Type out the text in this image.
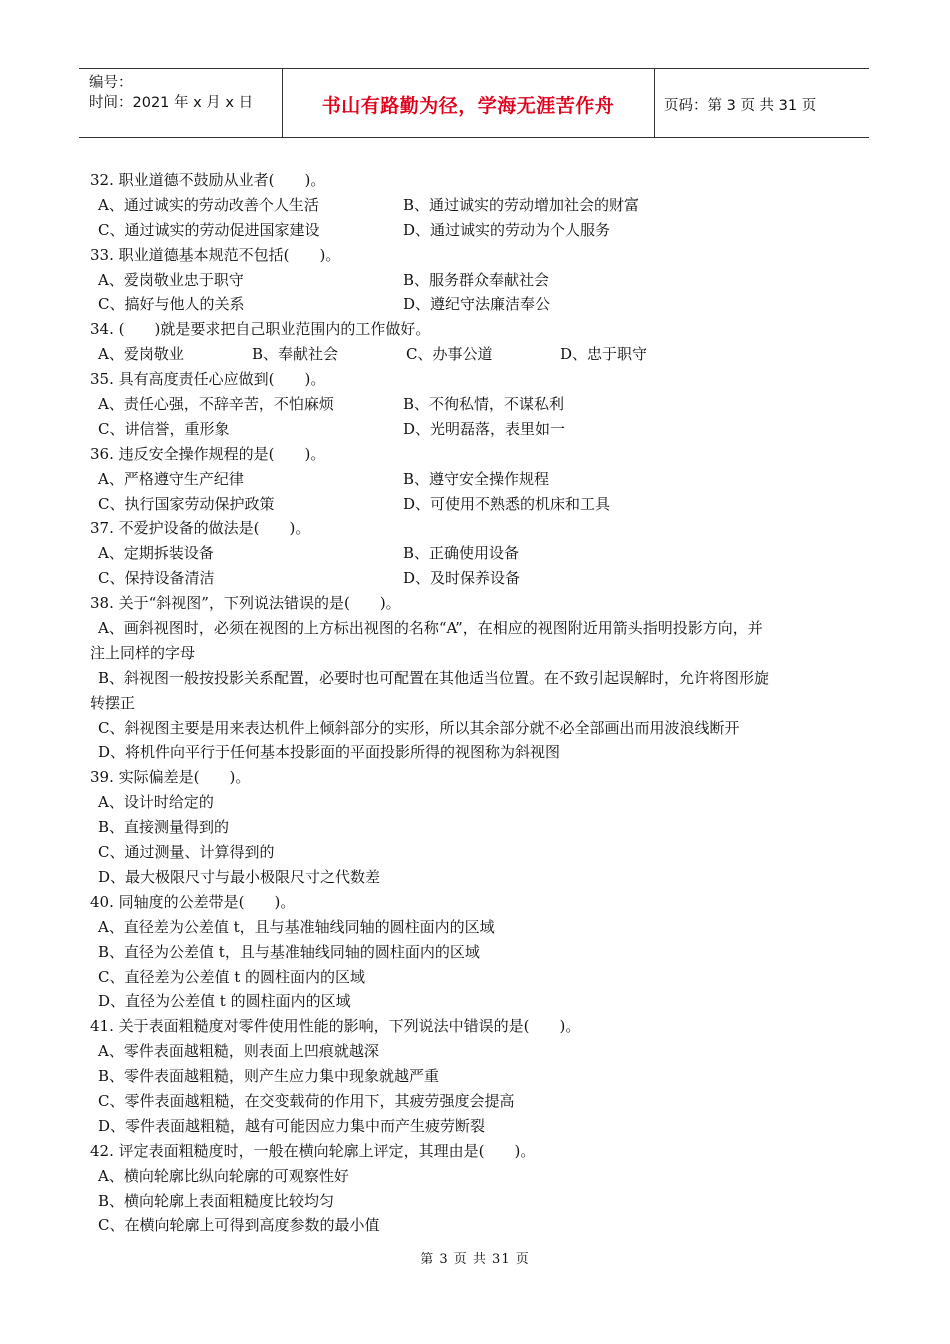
编号：
时间：2021 年 x 月 x 日	书山有路勤为径，学海无涯苦作舟	页码：第 3 页 共 31 页
32. 职业道德不鼓励从业者(　　)。
A、通过诚实的劳动改善个人生活	B、通过诚实的劳动增加社会的财富
C、通过诚实的劳动促进国家建设	D、通过诚实的劳动为个人服务
33. 职业道德基本规范不包括(　　)。
A、爱岗敬业忠于职守	B、服务群众奉献社会
C、搞好与他人的关系	D、遵纪守法廉洁奉公
34. (　　)就是要求把自己职业范围内的工作做好。
A、爱岗敬业	B、奉献社会	C、办事公道	D、忠于职守
35. 具有高度责任心应做到(　　)。
A、责任心强，不辞辛苦，不怕麻烦	B、不徇私情，不谋私利
C、讲信誉，重形象	D、光明磊落，表里如一
36. 违反安全操作规程的是(　　)。
A、严格遵守生产纪律	B、遵守安全操作规程
C、执行国家劳动保护政策	D、可使用不熟悉的机床和工具
37. 不爱护设备的做法是(　　)。
A、定期拆装设备	B、正确使用设备
C、保持设备清洁	D、及时保养设备
38. 关于“斜视图”，下列说法错误的是(　　)。
A、画斜视图时，必须在视图的上方标出视图的名称“A”，在相应的视图附近用箭头指明投影方向，并
注上同样的字母
B、斜视图一般按投影关系配置，必要时也可配置在其他适当位置。在不致引起误解时，允许将图形旋
转摆正
C、斜视图主要是用来表达机件上倾斜部分的实形，所以其余部分就不必全部画出而用波浪线断开
D、将机件向平行于任何基本投影面的平面投影所得的视图称为斜视图
39. 实际偏差是(　　)。
A、设计时给定的
B、直接测量得到的
C、通过测量、计算得到的
D、最大极限尺寸与最小极限尺寸之代数差
40. 同轴度的公差带是(　　)。
A、直径差为公差值 t，且与基准轴线同轴的圆柱面内的区域
B、直径为公差值 t，且与基准轴线同轴的圆柱面内的区域
C、直径差为公差值 t 的圆柱面内的区域
D、直径为公差值 t 的圆柱面内的区域
41. 关于表面粗糙度对零件使用性能的影响，下列说法中错误的是(　　)。
A、零件表面越粗糙，则表面上凹痕就越深
B、零件表面越粗糙，则产生应力集中现象就越严重
C、零件表面越粗糙，在交变载荷的作用下，其疲劳强度会提高
D、零件表面越粗糙，越有可能因应力集中而产生疲劳断裂
42. 评定表面粗糙度时，一般在横向轮廓上评定，其理由是(　　)。
A、横向轮廓比纵向轮廓的可观察性好
B、横向轮廓上表面粗糙度比较均匀
C、在横向轮廓上可得到高度参数的最小值
第 3 页 共 31 页
